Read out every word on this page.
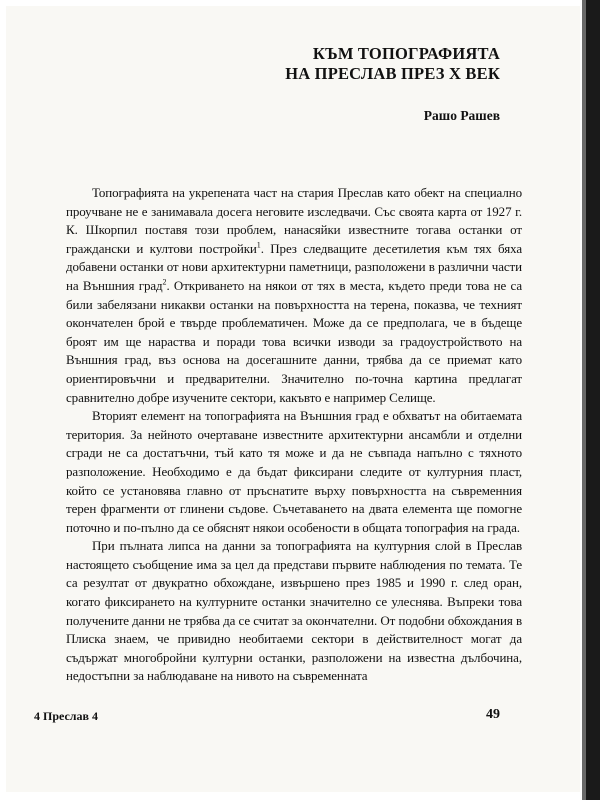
КЪМ ТОПОГРАФИЯТА
НА ПРЕСЛАВ ПРЕЗ Х ВЕК
Рашо Рашев

Топографията на укрепената част на стария Преслав като обект на специално проучване не е занимавала досега неговите изследвачи. Със своята карта от 1927 г. К. Шкорпил поставя този проблем, нанасяйки известните тогава останки от граждански и култови постройки$^1$. През следващите десетилетия към тях бяха добавени останки от нови архитектурни паметници, разположени в различни части на Външния град$^2$. Откриването на някои от тях в места, където преди това не са били забелязани никакви останки на повърхността на терена, показва, че техният окончателен брой е твърде проблематичен. Може да се предполага, че в бъдеще броят им ще нараства и поради това всички изводи за градоустройството на Външния град, въз основа на досегашните данни, трябва да се приемат като ориентировъчни и предварителни. Значително по-точна картина предлагат сравнително добре изучените сектори, какъвто е например Селище.

Вторият елемент на топографията на Външния град е обхватът на обитаемата територия. За нейното очертаване известните архитектурни ансамбли и отделни сгради не са достатъчни, тъй като тя може и да не съвпада напълно с тяхното разположение. Необходимо е да бъдат фиксирани следите от културния пласт, който се установява главно от пръснатите върху повърхността на съвременния терен фрагменти от глинени съдове. Съчетаването на двата елемента ще помогне поточно и по-пълно да се обяснят някои особености в общата топография на града.

При пълната липса на данни за топографията на културния слой в Преслав настоящето съобщение има за цел да представи първите наблюдения по темата. Те са резултат от двукратно обхождане, извършено през 1985 и 1990 г. след оран, когато фиксирането на културните останки значително се улеснява. Въпреки това получените данни не трябва да се считат за окончателни. От подобни обхождания в Плиска знаем, че привидно необитаеми сектори в действителност могат да съдържат многобройни културни останки, разположени на известна дълбочина, недостъпни за наблюдаване на нивото на съвременната

4 Преслав 4	49
